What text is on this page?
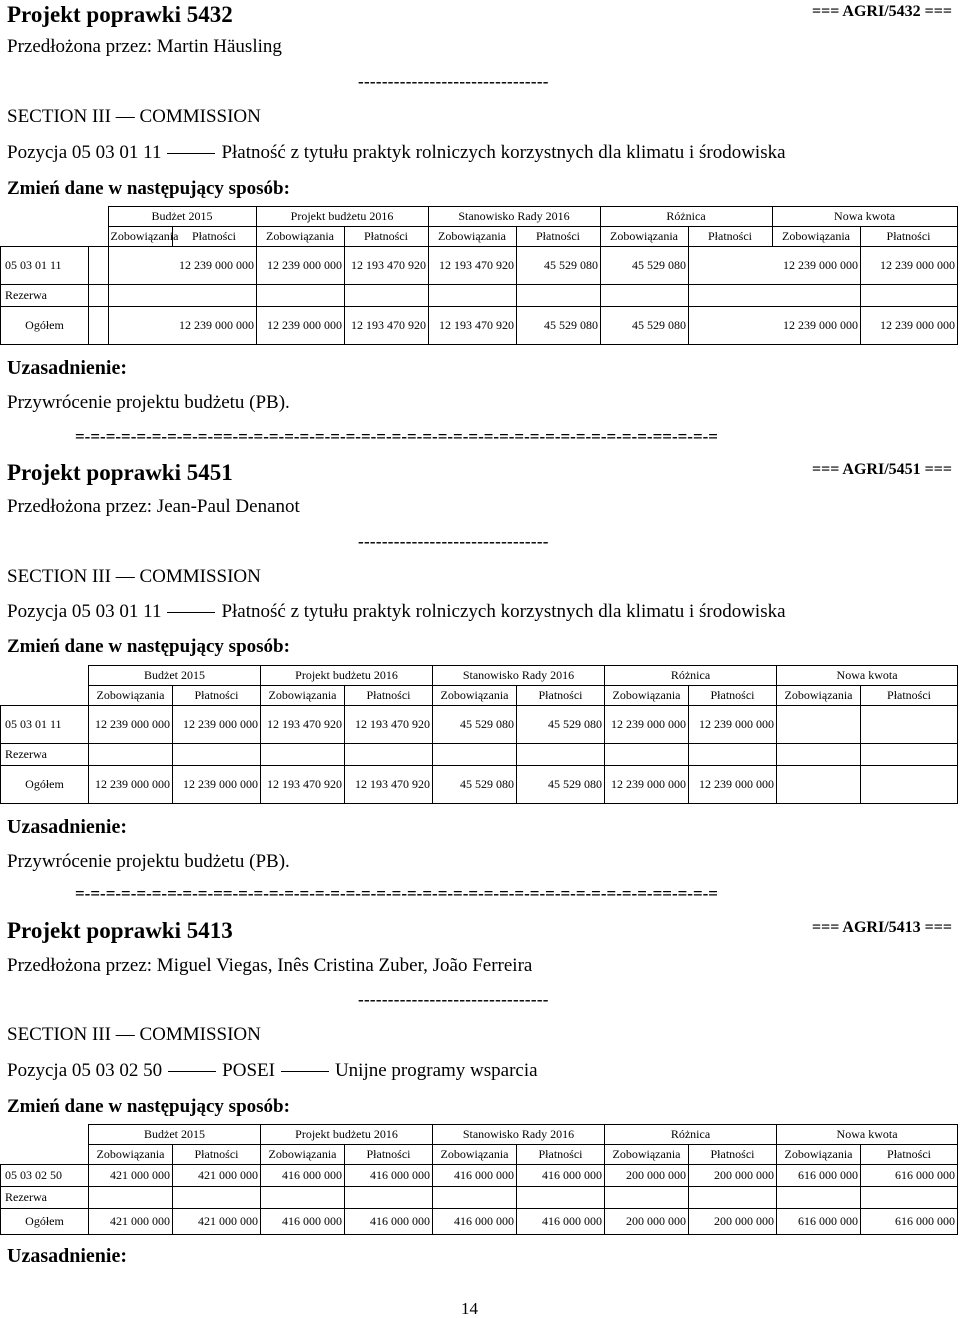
Projekt poprawki 5432	=== AGRI/5432 ===
Przedłożona przez: Martin Häusling
--------------------------------
SECTION III — COMMISSION
Pozycja 05 03 01 11	Płatność z tytułu praktyk rolniczych korzystnych dla klimatu i środowiska
Zmień dane w następujący sposób:
	Budżet 2015		Projekt budżetu 2016		Stanowisko Rady 2016		Różnica		Nowa kwota	
	Zobowiązania	Płatności	Zobowiązania	Płatności	Zobowiązania	Płatności	Zobowiązania	Płatności	Zobowiązania	Płatności
05 03 01 11		12 239 000 000	12 239 000 000	12 193 470 920	12 193 470 920	45 529 080	45 529 080	12 239 000 000	12 239 000 000
Rezerwa									
Ogółem		12 239 000 000	12 239 000 000	12 193 470 920	12 193 470 920	45 529 080	45 529 080	12 239 000 000	12 239 000 000
Uzasadnienie:
Przywrócenie projektu budżetu (PB).
=-=-=-=-=-=-=-=-=-==-=-=-=-=-=-=-=-=-=-=-=-=-=-=-=-=-=-=-=-=-=-=-=-=-=-=-=-==-=-=-=
Projekt poprawki 5451	=== AGRI/5451 ===
Przedłożona przez: Jean-Paul Denanot
--------------------------------
SECTION III — COMMISSION
Pozycja 05 03 01 11	Płatność z tytułu praktyk rolniczych korzystnych dla klimatu i środowiska
Zmień dane w następujący sposób:
	Budżet 2015		Projekt budżetu 2016		Stanowisko Rady 2016		Różnica		Nowa kwota	
	Zobowiązania	Płatności	Zobowiązania	Płatności	Zobowiązania	Płatności	Zobowiązania	Płatności	Zobowiązania	Płatności
05 03 01 11	12 239 000 000	12 239 000 000	12 193 470 920	12 193 470 920	45 529 080	45 529 080	12 239 000 000	12 239 000 000		
Rezerwa										
Ogółem	12 239 000 000	12 239 000 000	12 193 470 920	12 193 470 920	45 529 080	45 529 080	12 239 000 000	12 239 000 000		
Uzasadnienie:
Przywrócenie projektu budżetu (PB).
=-=-=-=-=-=-=-=-=-==-=-=-=-=-=-=-=-=-=-=-=-=-=-=-=-=-=-=-=-=-=-=-=-=-=-=-=-==-=-=-=
Projekt poprawki 5413	=== AGRI/5413 ===
Przedłożona przez: Miguel Viegas, Inês Cristina Zuber, João Ferreira
--------------------------------
SECTION III — COMMISSION
Pozycja 05 03 02 50	POSEI	Unijne programy wsparcia
Zmień dane w następujący sposób:
	Budżet 2015		Projekt budżetu 2016		Stanowisko Rady 2016		Różnica		Nowa kwota	
	Zobowiązania	Płatności	Zobowiązania	Płatności	Zobowiązania	Płatności	Zobowiązania	Płatności	Zobowiązania	Płatności
05 03 02 50	421 000 000	421 000 000	416 000 000	416 000 000	416 000 000	416 000 000	200 000 000	200 000 000	616 000 000	616 000 000
Rezerwa										
Ogółem	421 000 000	421 000 000	416 000 000	416 000 000	416 000 000	416 000 000	200 000 000	200 000 000	616 000 000	616 000 000
Uzasadnienie:
14
